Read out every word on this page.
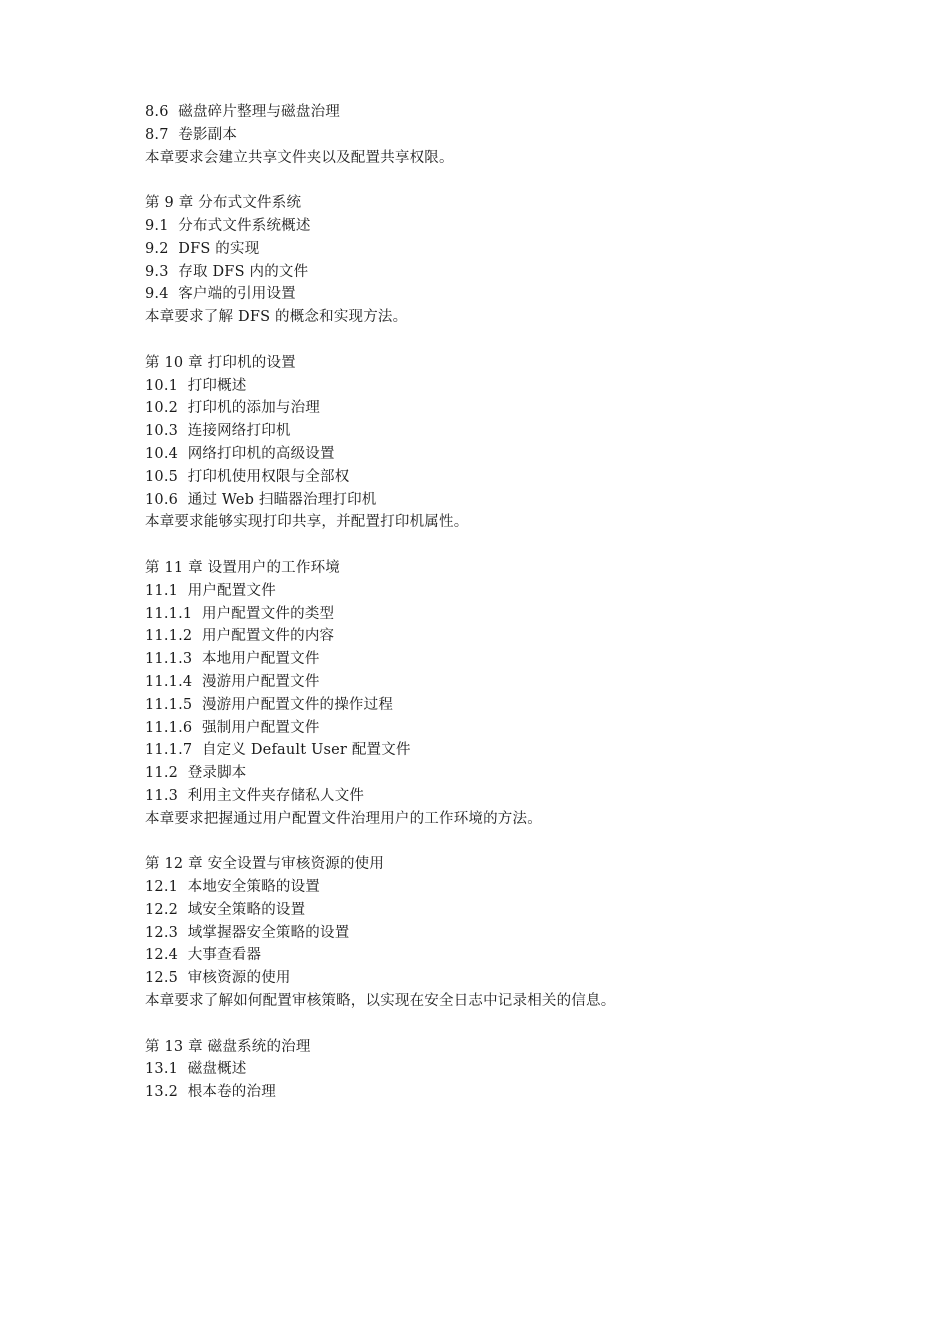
8.6  磁盘碎片整理与磁盘治理
8.7  卷影副本
本章要求会建立共享文件夹以及配置共享权限。
第 9 章 分布式文件系统
9.1  分布式文件系统概述
9.2  DFS 的实现
9.3  存取 DFS 内的文件
9.4  客户端的引用设置
本章要求了解 DFS 的概念和实现方法。
第 10 章 打印机的设置
10.1  打印概述
10.2  打印机的添加与治理
10.3  连接网络打印机
10.4  网络打印机的高级设置
10.5  打印机使用权限与全部权
10.6  通过 Web 扫瞄器治理打印机
本章要求能够实现打印共享，并配置打印机属性。
第 11 章 设置用户的工作环境
11.1  用户配置文件
11.1.1  用户配置文件的类型
11.1.2  用户配置文件的内容
11.1.3  本地用户配置文件
11.1.4  漫游用户配置文件
11.1.5  漫游用户配置文件的操作过程
11.1.6  强制用户配置文件
11.1.7  自定义 Default User 配置文件
11.2  登录脚本
11.3  利用主文件夹存储私人文件
本章要求把握通过用户配置文件治理用户的工作环境的方法。
第 12 章 安全设置与审核资源的使用
12.1  本地安全策略的设置
12.2  域安全策略的设置
12.3  域掌握器安全策略的设置
12.4  大事查看器
12.5  审核资源的使用
本章要求了解如何配置审核策略，以实现在安全日志中记录相关的信息。
第 13 章 磁盘系统的治理
13.1  磁盘概述
13.2  根本卷的治理
